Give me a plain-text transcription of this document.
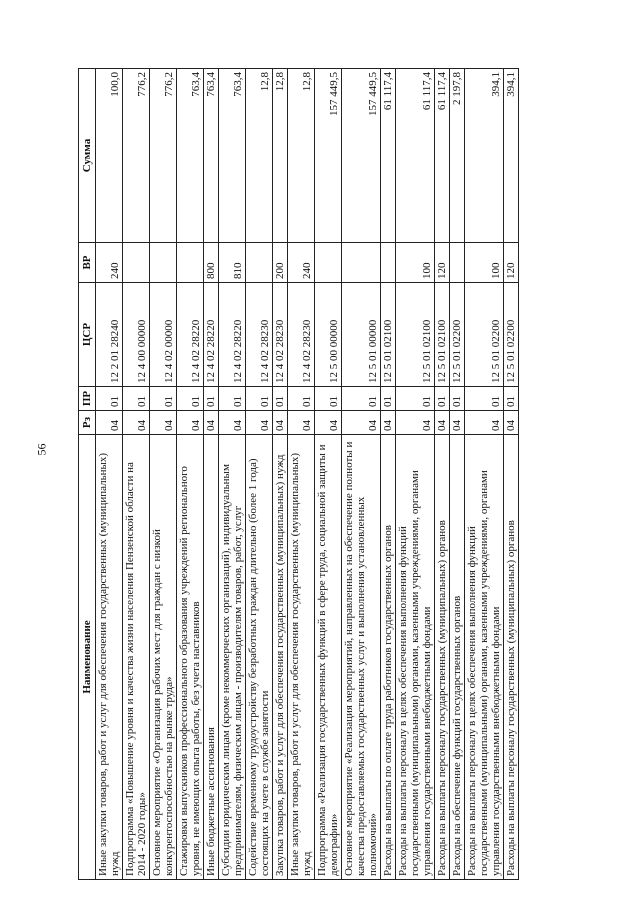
56
Наименование	Рз	ПР	ЦСР	ВР	Сумма
Иные закупки товаров, работ и услуг для обеспечения государственных (муниципальных) нужд	04	01	12 2 01 28240	240	100,0
Подпрограмма «Повышение уровня и качества жизни населения Пензенской области на 2014 - 2020 годы»	04	01	12 4 00 00000		776,2
Основное мероприятие «Организация рабочих мест для граждан с низкой конкурентоспособностью на рынке труда»	04	01	12 4 02 00000		776,2
Стажировки выпускников профессионального образования учреждений регионального уровня, не имеющих опыта работы, без учета наставников	04	01	12 4 02 28220		763,4
Иные бюджетные ассигнования	04	01	12 4 02 28220	800	763,4
Субсидии юридическим лицам (кроме некоммерческих организаций), индивидуальным предпринимателям, физическим лицам - производителям товаров, работ, услуг	04	01	12 4 02 28220	810	763,4
Содействие временному трудоустройству безработных граждан длительно (более 1 года) состоящих на учете в службе занятости	04	01	12 4 02 28230		12,8
Закупка товаров, работ и услуг для обеспечения государственных (муниципальных) нужд	04	01	12 4 02 28230	200	12,8
Иные закупки товаров, работ и услуг для обеспечения государственных (муниципальных) нужд	04	01	12 4 02 28230	240	12,8
Подпрограмма «Реализация государственных функций в сфере труда, социальной защиты и демографии»	04	01	12 5 00 00000		157 449,5
Основное мероприятие «Реализация мероприятий, направленных на обеспечение полноты и качества предоставляемых государственных услуг и выполнения установленных полномочий»	04	01	12 5 01 00000		157 449,5
Расходы на выплаты по оплате труда работников государственных органов	04	01	12 5 01 02100		61 117,4
Расходы на выплаты персоналу в целях обеспечения выполнения функций государственными (муниципальными) органами, казенными учреждениями, органами управления государственными внебюджетными фондами	04	01	12 5 01 02100	100	61 117,4
Расходы на выплаты персоналу государственных (муниципальных) органов	04	01	12 5 01 02100	120	61 117,4
Расходы на обеспечение функций государственных органов	04	01	12 5 01 02200		2 197,8
Расходы на выплаты персоналу в целях обеспечения выполнения функций государственными (муниципальными) органами, казенными учреждениями, органами управления государственными внебюджетными фондами	04	01	12 5 01 02200	100	394,1
Расходы на выплаты персоналу государственных (муниципальных) органов	04	01	12 5 01 02200	120	394,1
